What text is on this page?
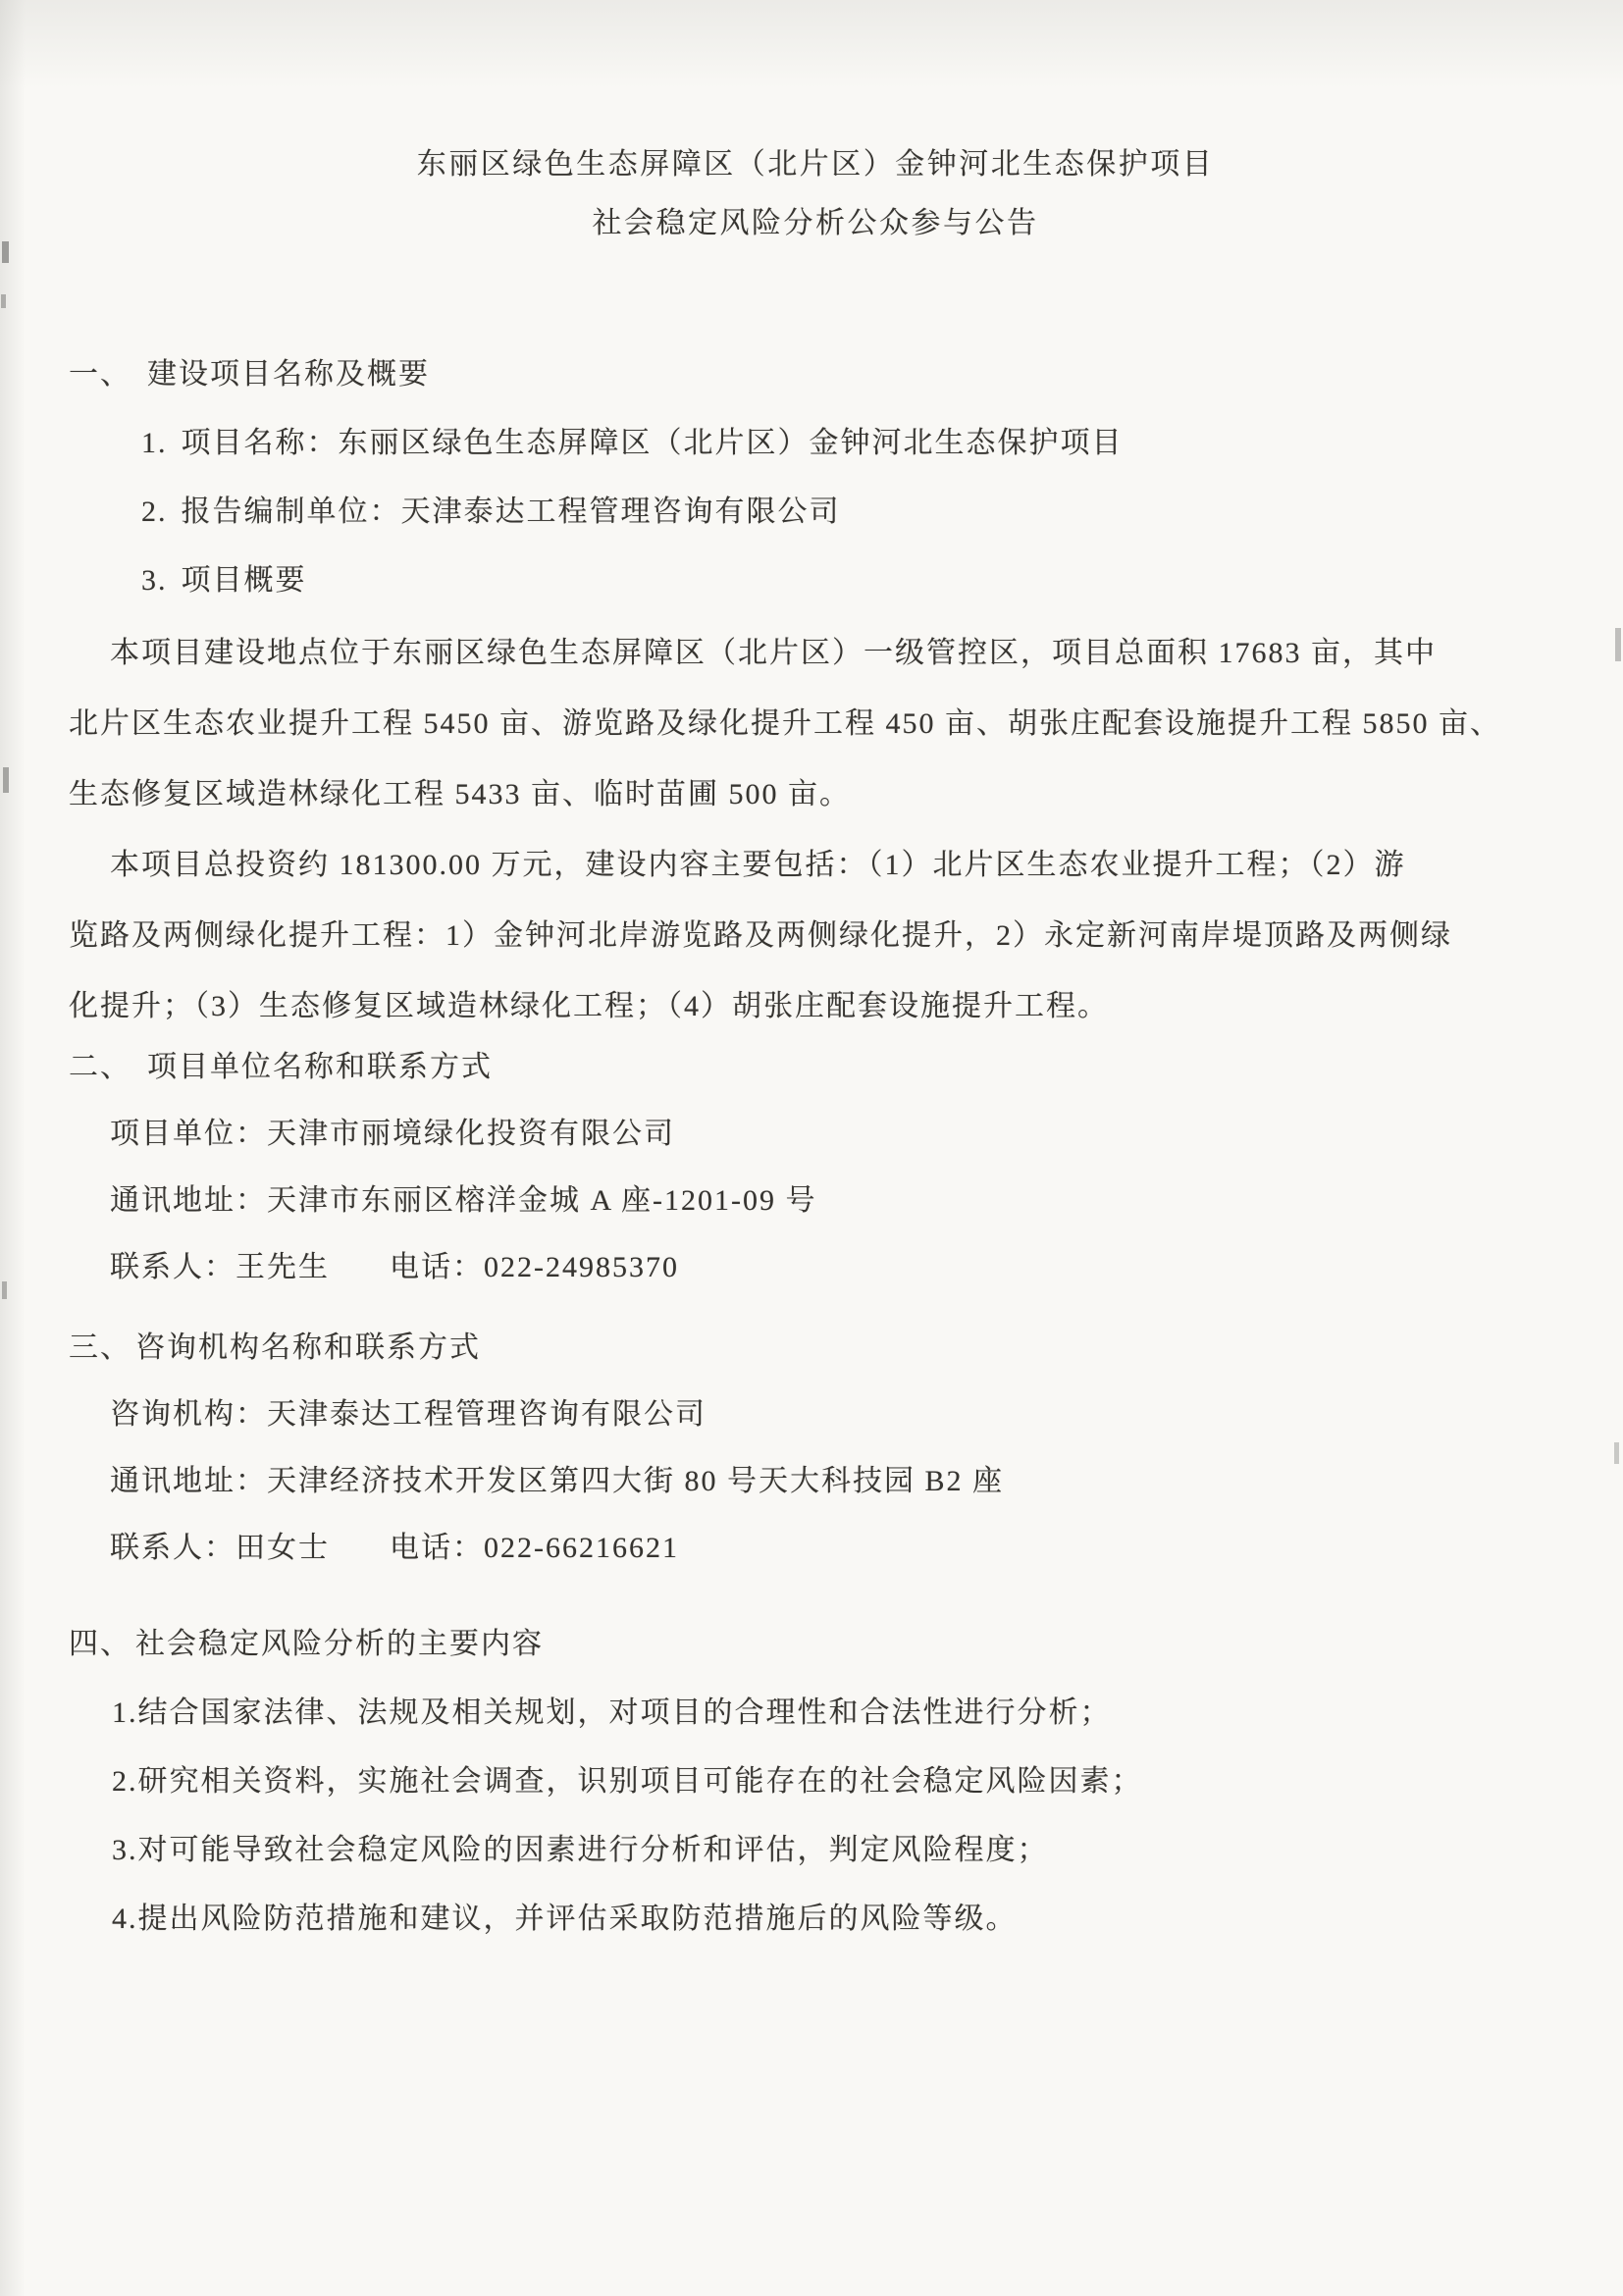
东丽区绿色生态屏障区（北片区）金钟河北生态保护项目
社会稳定风险分析公众参与公告
一、 建设项目名称及概要
1. 项目名称：东丽区绿色生态屏障区（北片区）金钟河北生态保护项目
2. 报告编制单位：天津泰达工程管理咨询有限公司
3. 项目概要
本项目建设地点位于东丽区绿色生态屏障区（北片区）一级管控区，项目总面积 17683 亩，其中
北片区生态农业提升工程 5450 亩、游览路及绿化提升工程 450 亩、胡张庄配套设施提升工程 5850 亩、
生态修复区域造林绿化工程 5433 亩、临时苗圃 500 亩。
本项目总投资约 181300.00 万元，建设内容主要包括：（1）北片区生态农业提升工程；（2）游
览路及两侧绿化提升工程：1）金钟河北岸游览路及两侧绿化提升，2）永定新河南岸堤顶路及两侧绿
化提升；（3）生态修复区域造林绿化工程；（4）胡张庄配套设施提升工程。
二、 项目单位名称和联系方式
项目单位：天津市丽境绿化投资有限公司
通讯地址：天津市东丽区榕洋金城 A 座-1201-09 号
联系人：王先生 电话：022-24985370
三、 咨询机构名称和联系方式
咨询机构：天津泰达工程管理咨询有限公司
通讯地址：天津经济技术开发区第四大街 80 号天大科技园 B2 座
联系人：田女士 电话：022-66216621
四、 社会稳定风险分析的主要内容
1.结合国家法律、法规及相关规划，对项目的合理性和合法性进行分析；
2.研究相关资料，实施社会调查，识别项目可能存在的社会稳定风险因素；
3.对可能导致社会稳定风险的因素进行分析和评估，判定风险程度；
4.提出风险防范措施和建议，并评估采取防范措施后的风险等级。
